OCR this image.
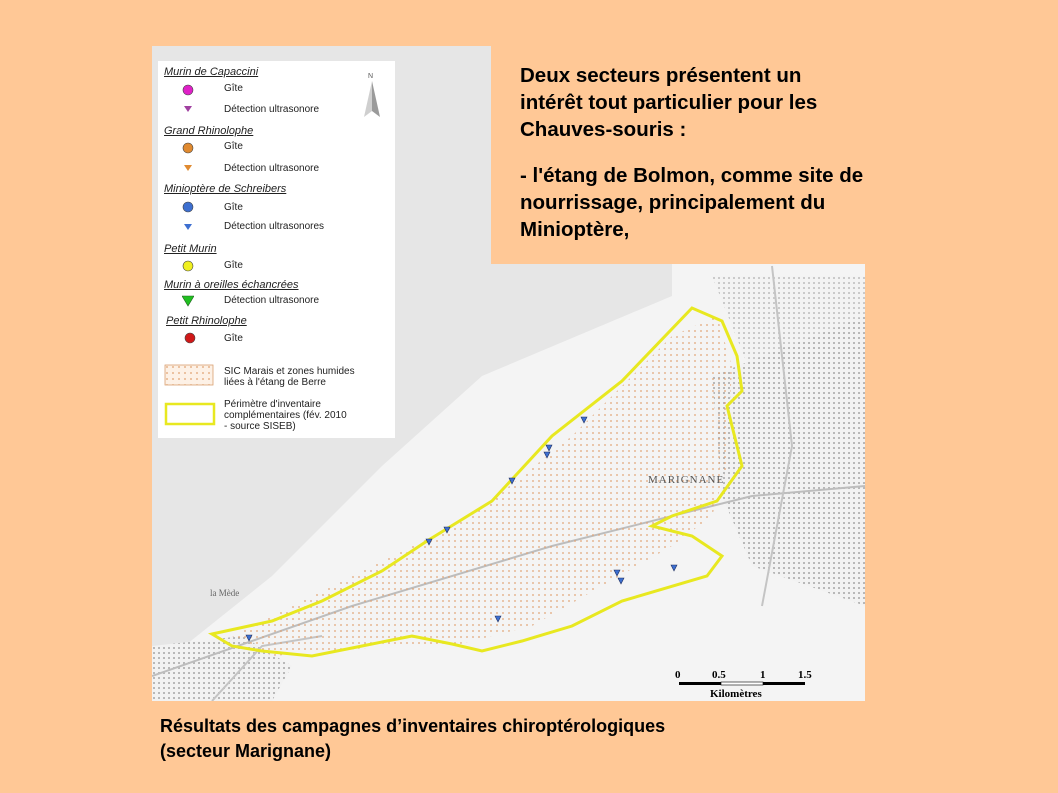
MARIGNANE
la Mède
0	0.5	1	1.5
Kilomètres
Deux secteurs présentent un
intérêt tout particulier pour les
Chauves-souris :
- l'étang de Bolmon, comme site de
nourrissage, principalement du
Minioptère,
N
Murin de Capaccini
Gîte
Détection ultrasonore
Grand Rhinolophe
Gîte
Détection ultrasonore
Minioptère de Schreibers
Gîte
Détection ultrasonores
Petit Murin
Gîte
Murin à oreilles échancrées
Détection ultrasonore
Petit Rhinolophe
Gîte
SIC Marais et zones humides
liées à l'étang de Berre
Périmètre d'inventaire
complémentaires (fév. 2010
- source SISEB)
Résultats des campagnes d’inventaires chiroptérologiques
(secteur Marignane)
